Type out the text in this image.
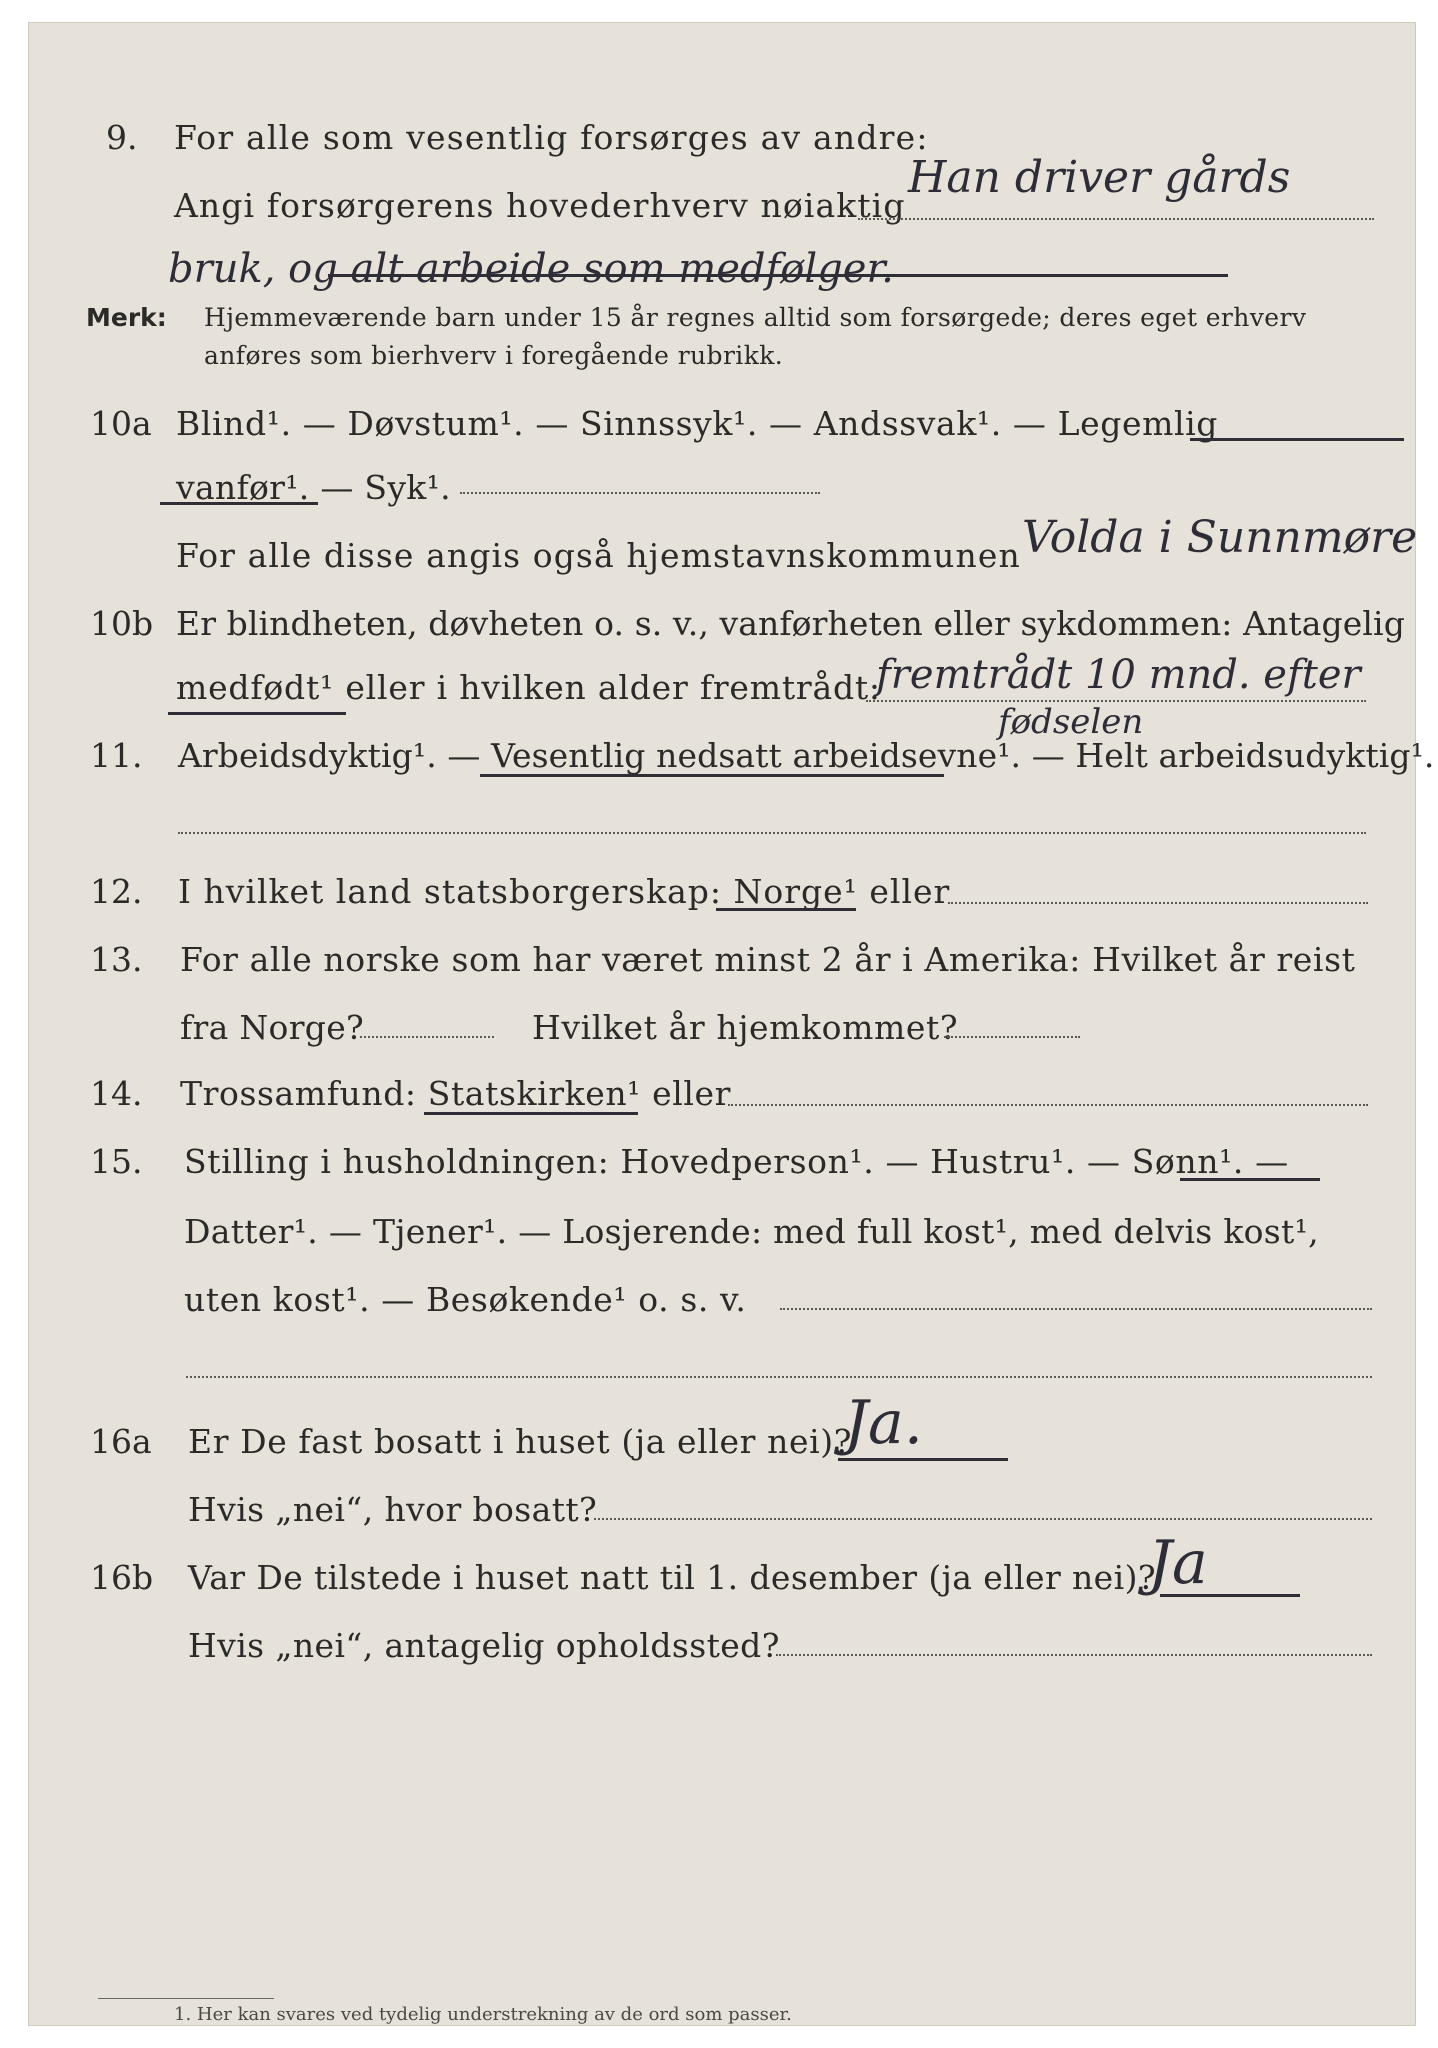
9. For alle som vesentlig forsørges av andre:
Angi forsørgerens hovederhverv nøiaktig
Han driver gårds
bruk, og alt arbeide som medfølger.
Merk: Hjemmeværende barn under 15 år regnes alltid som forsørgede; deres eget erhverv
anføres som bierhverv i foregående rubrikk.
10a Blind¹. — Døvstum¹. — Sinnssyk¹. — Andssvak¹. — Legemlig
vanfør¹. — Syk¹.
For alle disse angis også hjemstavnskommunen Volda i Sunnmøre
10b Er blindheten, døvheten o. s. v., vanførheten eller sykdommen: Antagelig
medfødt¹ eller i hvilken alder fremtrådt:
fremtrådt 10 mnd. efter
fødselen
11. Arbeidsdyktig¹. — Vesentlig nedsatt arbeidsevne¹. — Helt arbeidsudyktig¹.
12. I hvilket land statsborgerskap: Norge¹ eller
13. For alle norske som har været minst 2 år i Amerika: Hvilket år reist
fra Norge?	Hvilket år hjemkommet?
14. Trossamfund: Statskirken¹ eller
15. Stilling i husholdningen: Hovedperson¹. — Hustru¹. — Sønn¹. —
Datter¹. — Tjener¹. — Losjerende: med full kost¹, med delvis kost¹,
uten kost¹. — Besøkende¹ o. s. v.
16a Er De fast bosatt i huset (ja eller nei)?
Ja.
Hvis „nei“, hvor bosatt?
16b Var De tilstede i huset natt til 1. desember (ja eller nei)?
Ja
Hvis „nei“, antagelig opholdssted?
1. Her kan svares ved tydelig understrekning av de ord som passer.
